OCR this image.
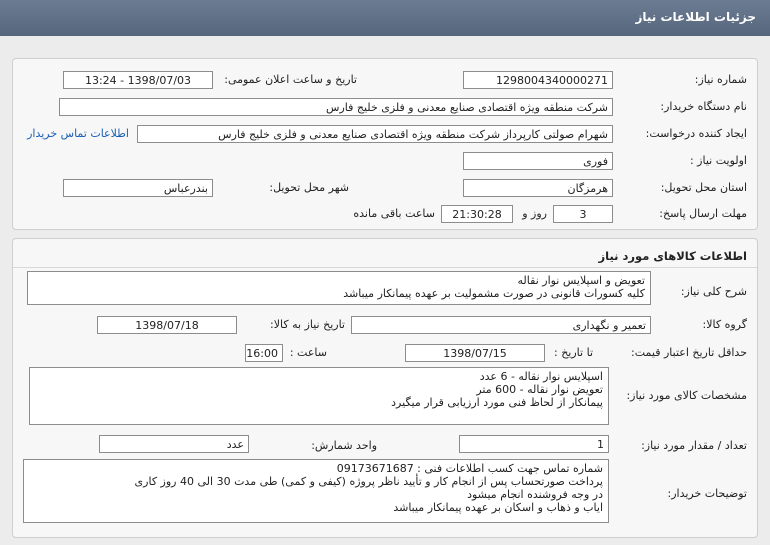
جزئیات اطلاعات نیاز
شماره نیاز:
1298004340000271
تاریخ و ساعت اعلان عمومی:
1398/07/03 - 13:24
نام دستگاه خریدار:
شرکت منطقه ویژه اقتصادی صنایع معدنی و فلزی خلیج فارس
ایجاد کننده درخواست:
شهرام صولتی کارپرداز شرکت منطقه ویژه اقتصادی صنایع معدنی و فلزی خلیج فارس
اطلاعات تماس خریدار
اولویت نیاز :
فوری
استان محل تحویل:
هرمزگان
شهر محل تحویل:
بندرعباس
مهلت ارسال پاسخ:
3
روز و
21:30:28
ساعت باقی مانده
اطلاعات کالاهای مورد نیاز
شرح کلی نیاز:
تعویض و اسپلایس نوار نقاله
کلیه کسورات قانونی در صورت مشمولیت بر عهده پیمانکار میباشد
گروه کالا:
تعمیر و نگهداری
تاریخ نیاز به کالا:
1398/07/18
حداقل تاریخ اعتبار قیمت:
تا تاریخ :
1398/07/15
ساعت :
16:00
مشخصات کالای مورد نیاز:
اسپلایس نوار نقاله - 6 عدد
تعویض نوار نقاله - 600 متر
پیمانکار از لحاظ فنی مورد ارزیابی قرار میگیرد
تعداد / مقدار مورد نیاز:
1
واحد شمارش:
عدد
توضیحات خریدار:
شماره تماس جهت کسب اطلاعات فنی : 09173671687
پرداخت صورتحساب پس از انجام کار و تأیید ناظر پروژه (کیفی و کمی) طی مدت 30 الی 40 روز کاری
در وجه فروشنده انجام میشود
ایاب و ذهاب و اسکان بر عهده پیمانکار میباشد
